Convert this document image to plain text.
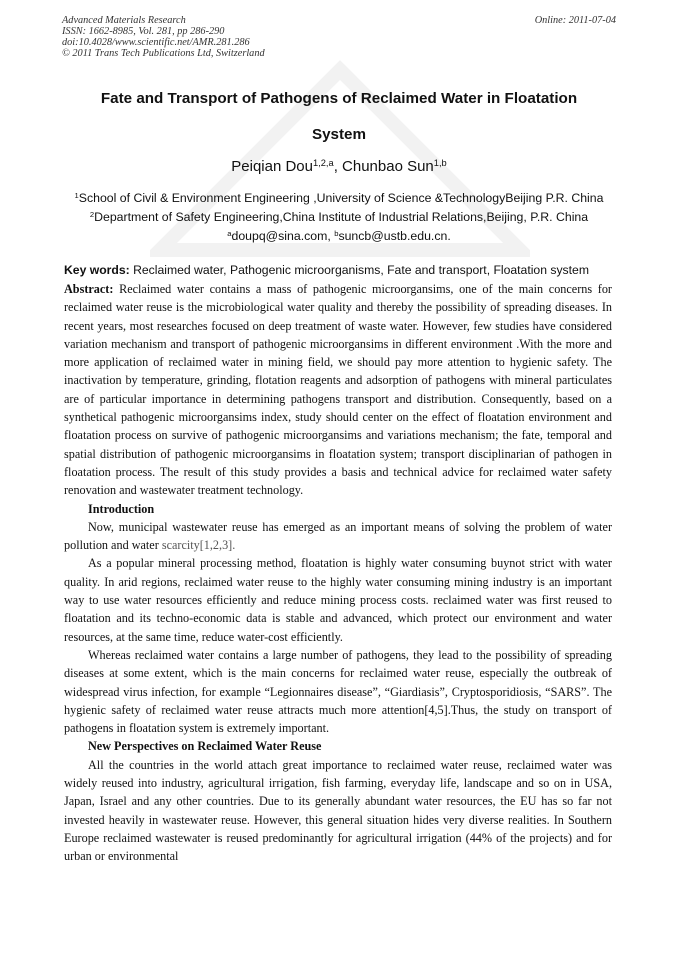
Advanced Materials Research
ISSN: 1662-8985, Vol. 281, pp 286-290
doi:10.4028/www.scientific.net/AMR.281.286
© 2011 Trans Tech Publications Ltd, Switzerland
Online: 2011-07-04
Fate and Transport of Pathogens of Reclaimed Water in Floatation
System
Peiqian Dou$^{1,2,a}$, Chunbao Sun$^{1,b}$
$^1$School of Civil & Environment Engineering ,University of Science &TechnologyBeijing P.R. China
$^2$Department of Safety Engineering,China Institute of Industrial Relations,Beijing, P.R. China
$^a$doupq@sina.com, $^b$suncb@ustb.edu.cn.
Key words: Reclaimed water, Pathogenic microorganisms, Fate and transport, Floatation system

Abstract: Reclaimed water contains a mass of pathogenic microorgansims, one of the main concerns for reclaimed water reuse is the microbiological water quality and thereby the possibility of spreading diseases. In recent years, most researches focused on deep treatment of waste water. However, few studies have considered variation mechanism and transport of pathogenic microorgansims in different environment .With the more and more application of reclaimed water in mining field, we should pay more attention to hygienic safety. The inactivation by temperature, grinding, flotation reagents and adsorption of pathogens with mineral particulates are of particular importance in determining pathogens transport and distribution. Consequently, based on a synthetical pathogenic microorgansims index, study should center on the effect of floatation environment and floatation process on survive of pathogenic microorgansims and variations mechanism; the fate, temporal and spatial distribution of pathogenic microorgansims in floatation system; transport disciplinarian of pathogen in floatation process. The result of this study provides a basis and technical advice for reclaimed water safety renovation and wastewater treatment technology.

Introduction

Now, municipal wastewater reuse has emerged as an important means of solving the problem of water pollution and water scarcity[1,2,3].

As a popular mineral processing method, floatation is highly water consuming buynot strict with water quality. In arid regions, reclaimed water reuse to the highly water consuming mining industry is an important way to use water resources efficiently and reduce mining process costs. reclaimed water was first reused to floatation and its techno-economic data is stable and advanced, which protect our environment and water resources, at the same time, reduce water-cost efficiently.

Whereas reclaimed water contains a large number of pathogens, they lead to the possibility of spreading diseases at some extent, which is the main concerns for reclaimed water reuse, especially the outbreak of widespread virus infection, for example “Legionnaires disease”, “Giardiasis”, Cryptosporidiosis, “SARS”. The hygienic safety of reclaimed water reuse attracts much more attention[4,5].Thus, the study on transport of pathogens in floatation system is extremely important.

New Perspectives on Reclaimed Water Reuse

All the countries in the world attach great importance to reclaimed water reuse, reclaimed water was widely reused into industry, agricultural irrigation, fish farming, everyday life, landscape and so on in USA, Japan, Israel and any other countries. Due to its generally abundant water resources, the EU has so far not invested heavily in wastewater reuse. However, this general situation hides very diverse realities. In Southern Europe reclaimed wastewater is reused predominantly for agricultural irrigation (44% of the projects) and for urban or environmental
